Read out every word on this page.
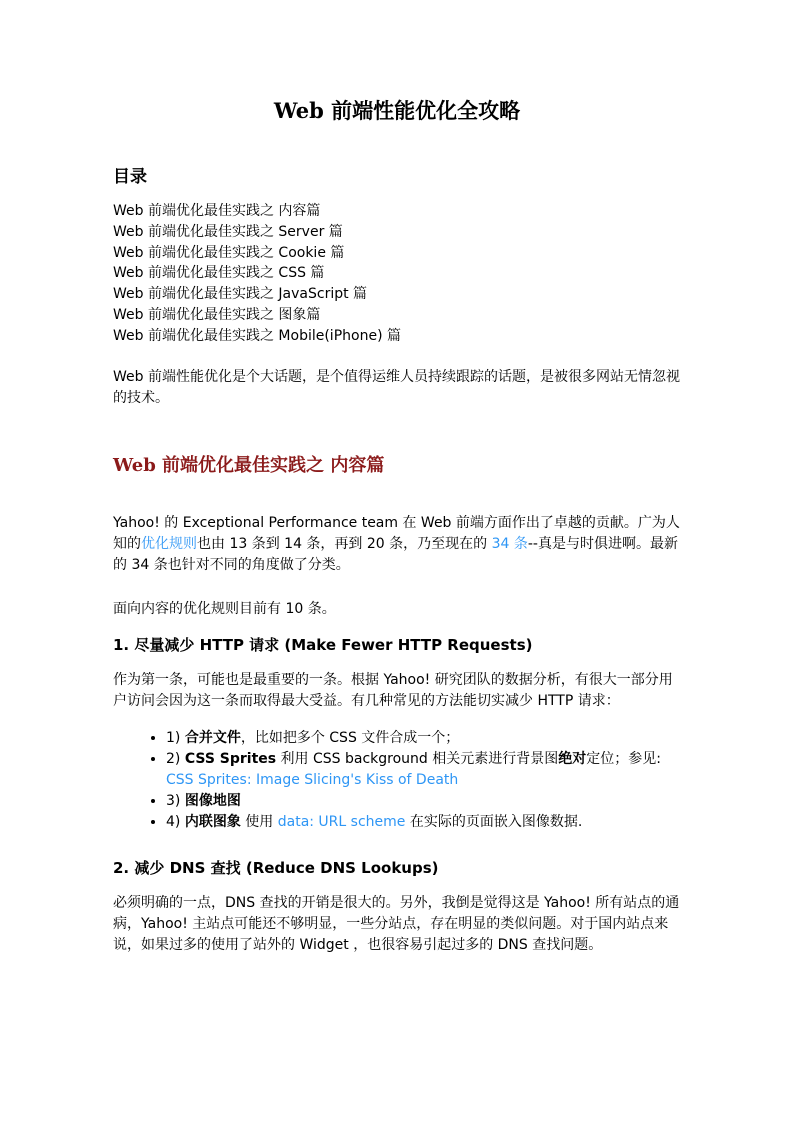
Web 前端性能优化全攻略
目录
Web 前端优化最佳实践之 内容篇
Web 前端优化最佳实践之 Server 篇
Web 前端优化最佳实践之 Cookie 篇
Web 前端优化最佳实践之 CSS 篇
Web 前端优化最佳实践之 JavaScript 篇
Web 前端优化最佳实践之 图象篇
Web 前端优化最佳实践之 Mobile(iPhone) 篇

Web 前端性能优化是个大话题，是个值得运维人员持续跟踪的话题，是被很多网站无情忽视的技术。

Web 前端优化最佳实践之 内容篇

Yahoo! 的 Exceptional Performance team 在 Web 前端方面作出了卓越的贡献。广为人知的优化规则也由 13 条到 14 条，再到 20 条，乃至现在的 34 条--真是与时俱进啊。最新的 34 条也针对不同的角度做了分类。

面向内容的优化规则目前有 10 条。

1. 尽量减少 HTTP 请求 (Make Fewer HTTP Requests)

作为第一条，可能也是最重要的一条。根据 Yahoo! 研究团队的数据分析，有很大一部分用户访问会因为这一条而取得最大受益。有几种常见的方法能切实减少 HTTP 请求：

• 1) 合并文件，比如把多个 CSS 文件合成一个；
• 2) CSS Sprites 利用 CSS background 相关元素进行背景图绝对定位；参见: CSS Sprites: Image Slicing's Kiss of Death
• 3) 图像地图
• 4) 内联图象 使用 data: URL scheme 在实际的页面嵌入图像数据.
2. 减少 DNS 查找 (Reduce DNS Lookups)

必须明确的一点，DNS 查找的开销是很大的。另外，我倒是觉得这是 Yahoo! 所有站点的通病，Yahoo! 主站点可能还不够明显，一些分站点，存在明显的类似问题。对于国内站点来说，如果过多的使用了站外的 Widget ，也很容易引起过多的 DNS 查找问题。
